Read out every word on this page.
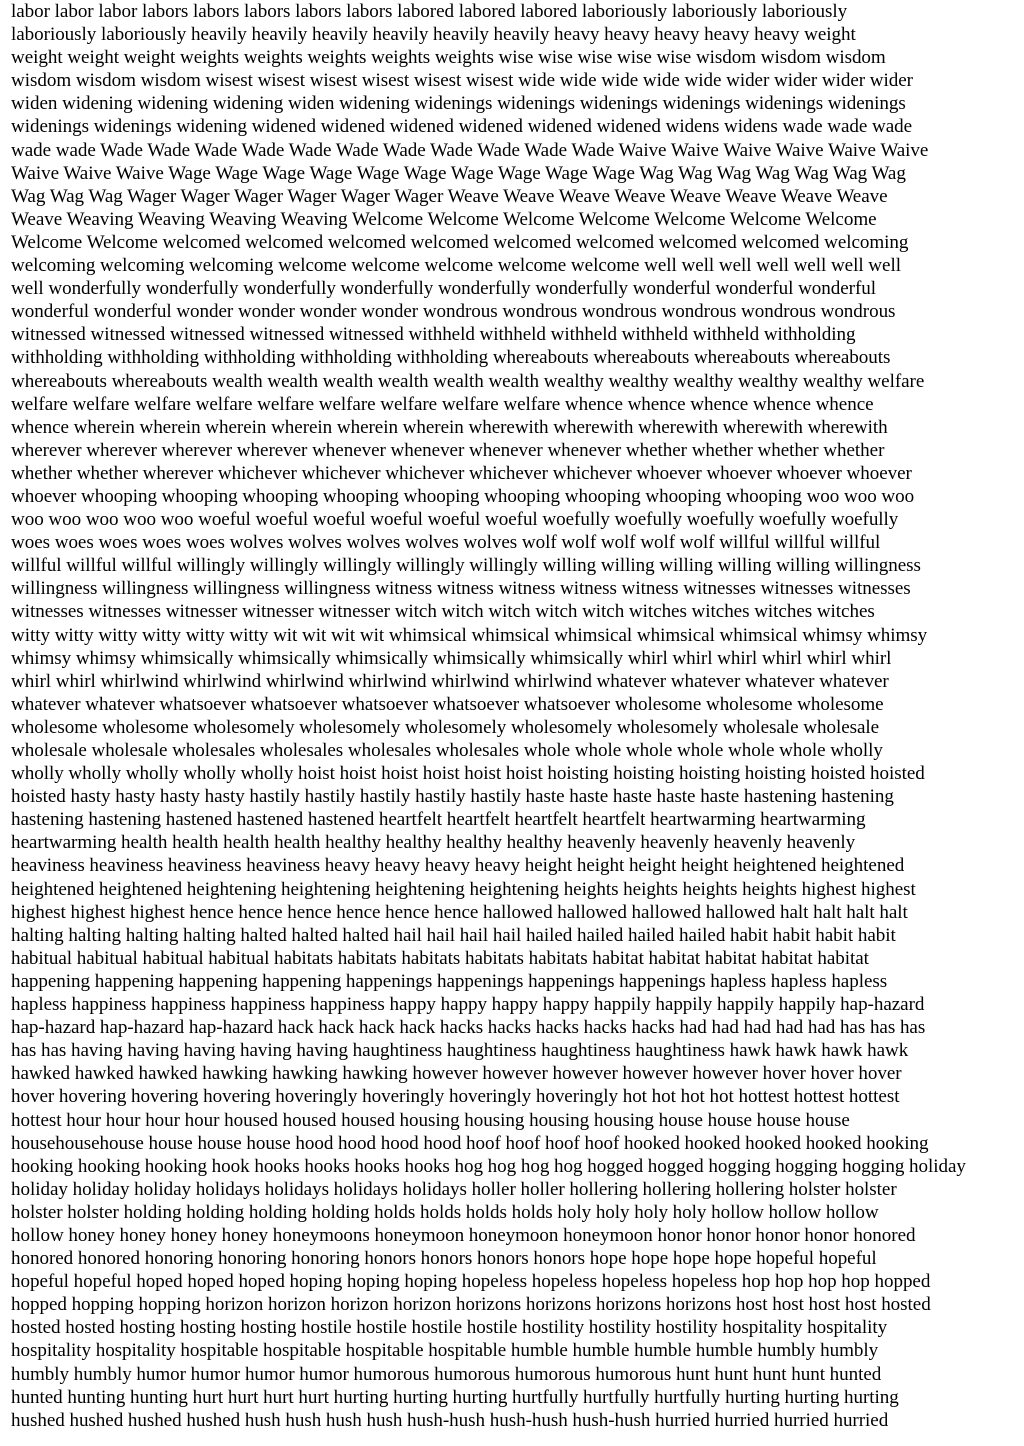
labor labor labor labors labors labors labors labors labored labored labored laboriously laboriously laboriously
laboriously laboriously heavily heavily heavily heavily heavily heavily heavy heavy heavy heavy heavy weight
weight weight weight weights weights weights weights weights wise wise wise wise wise wisdom wisdom wisdom
wisdom wisdom wisdom wisest wisest wisest wisest wisest wisest wide wide wide wide wide wider wider wider wider
widen widening widening widening widen widening widenings widenings widenings widenings widenings widenings
widenings widenings widening widened widened widened widened widened widened widens widens wade wade wade
wade wade Wade Wade Wade Wade Wade Wade Wade Wade Wade Wade Wade Waive Waive Waive Waive Waive Waive
Waive Waive Waive Wage Wage Wage Wage Wage Wage Wage Wage Wage Wage Wag Wag Wag Wag Wag Wag Wag
Wag Wag Wag Wager Wager Wager Wager Wager Wager Weave Weave Weave Weave Weave Weave Weave Weave
Weave Weaving Weaving Weaving Weaving Welcome Welcome Welcome Welcome Welcome Welcome Welcome
Welcome Welcome welcomed welcomed welcomed welcomed welcomed welcomed welcomed welcomed welcoming
welcoming welcoming welcoming welcome welcome welcome welcome welcome well well well well well well well
well wonderfully wonderfully wonderfully wonderfully wonderfully wonderfully wonderful wonderful wonderful
wonderful wonderful wonder wonder wonder wonder wondrous wondrous wondrous wondrous wondrous wondrous
witnessed witnessed witnessed witnessed witnessed withheld withheld withheld withheld withheld withholding
withholding withholding withholding withholding withholding whereabouts whereabouts whereabouts whereabouts
whereabouts whereabouts wealth wealth wealth wealth wealth wealth wealthy wealthy wealthy wealthy wealthy welfare
welfare welfare welfare welfare welfare welfare welfare welfare welfare whence whence whence whence whence
whence wherein wherein wherein wherein wherein wherein wherewith wherewith wherewith wherewith wherewith
wherever wherever wherever wherever whenever whenever whenever whenever whether whether whether whether
whether whether wherever whichever whichever whichever whichever whichever whoever whoever whoever whoever
whoever whooping whooping whooping whooping whooping whooping whooping whooping whooping woo woo woo
woo woo woo woo woo woeful woeful woeful woeful woeful woeful woefully woefully woefully woefully woefully
woes woes woes woes woes wolves wolves wolves wolves wolves wolf wolf wolf wolf wolf willful willful willful
willful willful willful willingly willingly willingly willingly willingly willing willing willing willing willing willingness
willingness willingness willingness willingness witness witness witness witness witness witnesses witnesses witnesses
witnesses witnesses witnesser witnesser witnesser witch witch witch witch witch witches witches witches witches
witty witty witty witty witty witty wit wit wit wit whimsical whimsical whimsical whimsical whimsical whimsy whimsy
whimsy whimsy whimsically whimsically whimsically whimsically whimsically whirl whirl whirl whirl whirl whirl
whirl whirl whirlwind whirlwind whirlwind whirlwind whirlwind whirlwind whatever whatever whatever whatever
whatever whatever whatsoever whatsoever whatsoever whatsoever whatsoever wholesome wholesome wholesome
wholesome wholesome wholesomely wholesomely wholesomely wholesomely wholesomely wholesale wholesale
wholesale wholesale wholesales wholesales wholesales wholesales whole whole whole whole whole whole wholly
wholly wholly wholly wholly wholly hoist hoist hoist hoist hoist hoist hoisting hoisting hoisting hoisting hoisted hoisted
hoisted hasty hasty hasty hasty hastily hastily hastily hastily hastily haste haste haste haste haste hastening hastening
hastening hastening hastened hastened hastened heartfelt heartfelt heartfelt heartfelt heartwarming heartwarming
heartwarming health health health health healthy healthy healthy healthy heavenly heavenly heavenly heavenly
heaviness heaviness heaviness heaviness heavy heavy heavy heavy height height height height heightened heightened
heightened heightened heightening heightening heightening heightening heights heights heights heights highest highest
highest highest highest hence hence hence hence hence hence hallowed hallowed hallowed hallowed halt halt halt halt
halting halting halting halting halted halted halted hail hail hail hail hailed hailed hailed hailed habit habit habit habit
habitual habitual habitual habitual habitats habitats habitats habitats habitats habitat habitat habitat habitat habitat
happening happening happening happening happenings happenings happenings happenings hapless hapless hapless
hapless happiness happiness happiness happiness happy happy happy happy happily happily happily happily hap-hazard
hap-hazard hap-hazard hap-hazard hack hack hack hack hacks hacks hacks hacks hacks had had had had had has has has
has has having having having having having haughtiness haughtiness haughtiness haughtiness hawk hawk hawk hawk
hawked hawked hawked hawking hawking hawking however however however however however hover hover hover
hover hovering hovering hovering hoveringly hoveringly hoveringly hoveringly hot hot hot hot hottest hottest hottest
hottest hour hour hour hour housed housed housed housing housing housing housing house house house house
househousehouse house house house hood hood hood hood hoof hoof hoof hoof hooked hooked hooked hooked hooking
hooking hooking hooking hook hooks hooks hooks hooks hog hog hog hog hogged hogged hogging hogging hogging holiday
holiday holiday holiday holidays holidays holidays holidays holler holler hollering hollering hollering holster holster
holster holster holding holding holding holding holds holds holds holds holy holy holy holy hollow hollow hollow
hollow honey honey honey honey honeymoons honeymoon honeymoon honeymoon honor honor honor honor honored
honored honored honoring honoring honoring honors honors honors honors hope hope hope hope hopeful hopeful
hopeful hopeful hoped hoped hoped hoping hoping hoping hopeless hopeless hopeless hopeless hop hop hop hop hopped
hopped hopping hopping horizon horizon horizon horizon horizons horizons horizons horizons host host host host hosted
hosted hosted hosting hosting hosting hostile hostile hostile hostile hostility hostility hostility hospitality hospitality
hospitality hospitality hospitable hospitable hospitable hospitable humble humble humble humble humbly humbly
humbly humbly humor humor humor humor humorous humorous humorous humorous hunt hunt hunt hunt hunted
hunted hunting hunting hurt hurt hurt hurt hurting hurting hurting hurtfully hurtfully hurtfully hurting hurting hurting
hushed hushed hushed hushed hush hush hush hush hush-hush hush-hush hush-hush hurried hurried hurried hurried
